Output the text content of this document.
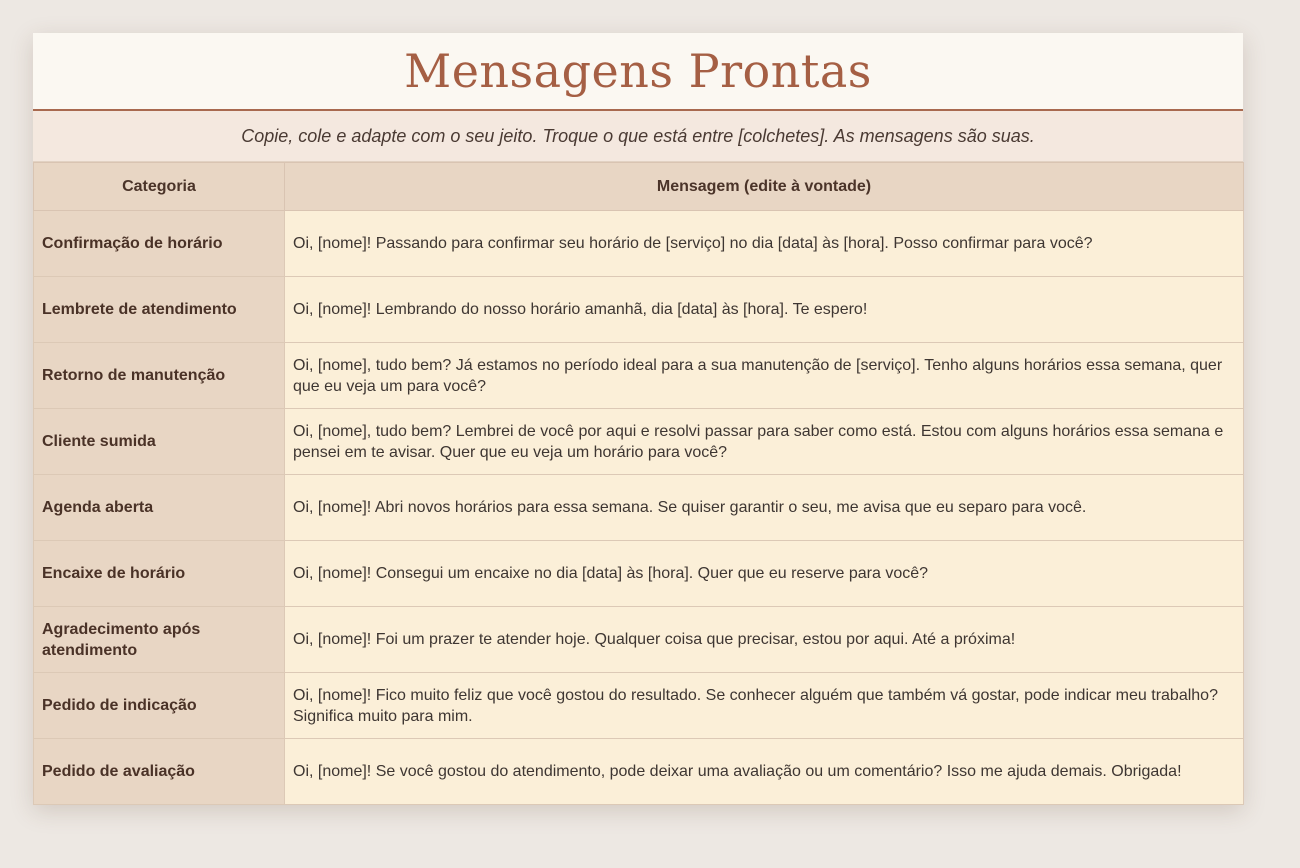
Mensagens Prontas
Copie, cole e adapte com o seu jeito. Troque o que está entre [colchetes]. As mensagens são suas.
Categoria	Mensagem (edite à vontade)
Confirmação de horário	Oi, [nome]! Passando para confirmar seu horário de [serviço] no dia [data] às [hora]. Posso confirmar para você?
Lembrete de atendimento	Oi, [nome]! Lembrando do nosso horário amanhã, dia [data] às [hora]. Te espero!
Retorno de manutenção	Oi, [nome], tudo bem? Já estamos no período ideal para a sua manutenção de [serviço]. Tenho alguns horários essa semana, quer que eu veja um para você?
Cliente sumida	Oi, [nome], tudo bem? Lembrei de você por aqui e resolvi passar para saber como está. Estou com alguns horários essa semana e pensei em te avisar. Quer que eu veja um horário para você?
Agenda aberta	Oi, [nome]! Abri novos horários para essa semana. Se quiser garantir o seu, me avisa que eu separo para você.
Encaixe de horário	Oi, [nome]! Consegui um encaixe no dia [data] às [hora]. Quer que eu reserve para você?
Agradecimento após atendimento	Oi, [nome]! Foi um prazer te atender hoje. Qualquer coisa que precisar, estou por aqui. Até a próxima!
Pedido de indicação	Oi, [nome]! Fico muito feliz que você gostou do resultado. Se conhecer alguém que também vá gostar, pode indicar meu trabalho? Significa muito para mim.
Pedido de avaliação	Oi, [nome]! Se você gostou do atendimento, pode deixar uma avaliação ou um comentário? Isso me ajuda demais. Obrigada!
